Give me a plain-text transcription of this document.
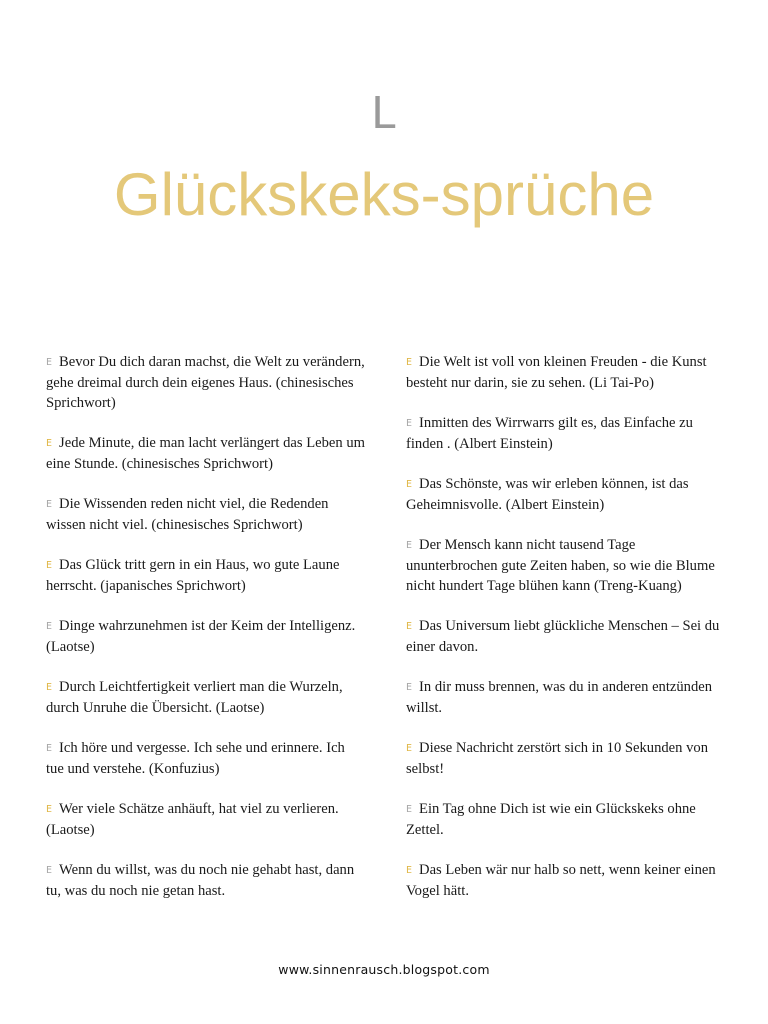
L
Glückskeks-sprüche
E Bevor Du dich daran machst, die Welt zu verändern, gehe dreimal durch dein eigenes Haus. (chinesisches Sprichwort)
E Jede Minute, die man lacht verlängert das Leben um eine Stunde. (chinesisches Sprichwort)
E Die Wissenden reden nicht viel, die Redenden wissen nicht viel. (chinesisches Sprichwort)
E Das Glück tritt gern in ein Haus, wo gute Laune herrscht. (japanisches Sprichwort)
E Dinge wahrzunehmen ist der Keim der Intelligenz. (Laotse)
E Durch Leichtfertigkeit verliert man die Wurzeln, durch Unruhe die Übersicht. (Laotse)
E Ich höre und vergesse. Ich sehe und erinnere. Ich tue und verstehe. (Konfuzius)
E Wer viele Schätze anhäuft, hat viel zu verlieren. (Laotse)
E Wenn du willst, was du noch nie gehabt hast, dann tu, was du noch nie getan hast.
E Die Welt ist voll von kleinen Freuden - die Kunst besteht nur darin, sie zu sehen. (Li Tai-Po)
E Inmitten des Wirrwarrs gilt es, das Einfache zu finden . (Albert Einstein)
E Das Schönste, was wir erleben können, ist das Geheimnisvolle. (Albert Einstein)
E Der Mensch kann nicht tausend Tage ununterbrochen gute Zeiten haben, so wie die Blume nicht hundert Tage blühen kann (Treng-Kuang)
E Das Universum liebt glückliche Menschen – Sei du einer davon.
E In dir muss brennen, was du in anderen entzünden willst.
E Diese Nachricht zerstört sich in 10 Sekunden von selbst!
E Ein Tag ohne Dich ist wie ein Glückskeks ohne Zettel.
E Das Leben wär nur halb so nett, wenn keiner einen Vogel hätt.
www.sinnenrausch.blogspot.com
